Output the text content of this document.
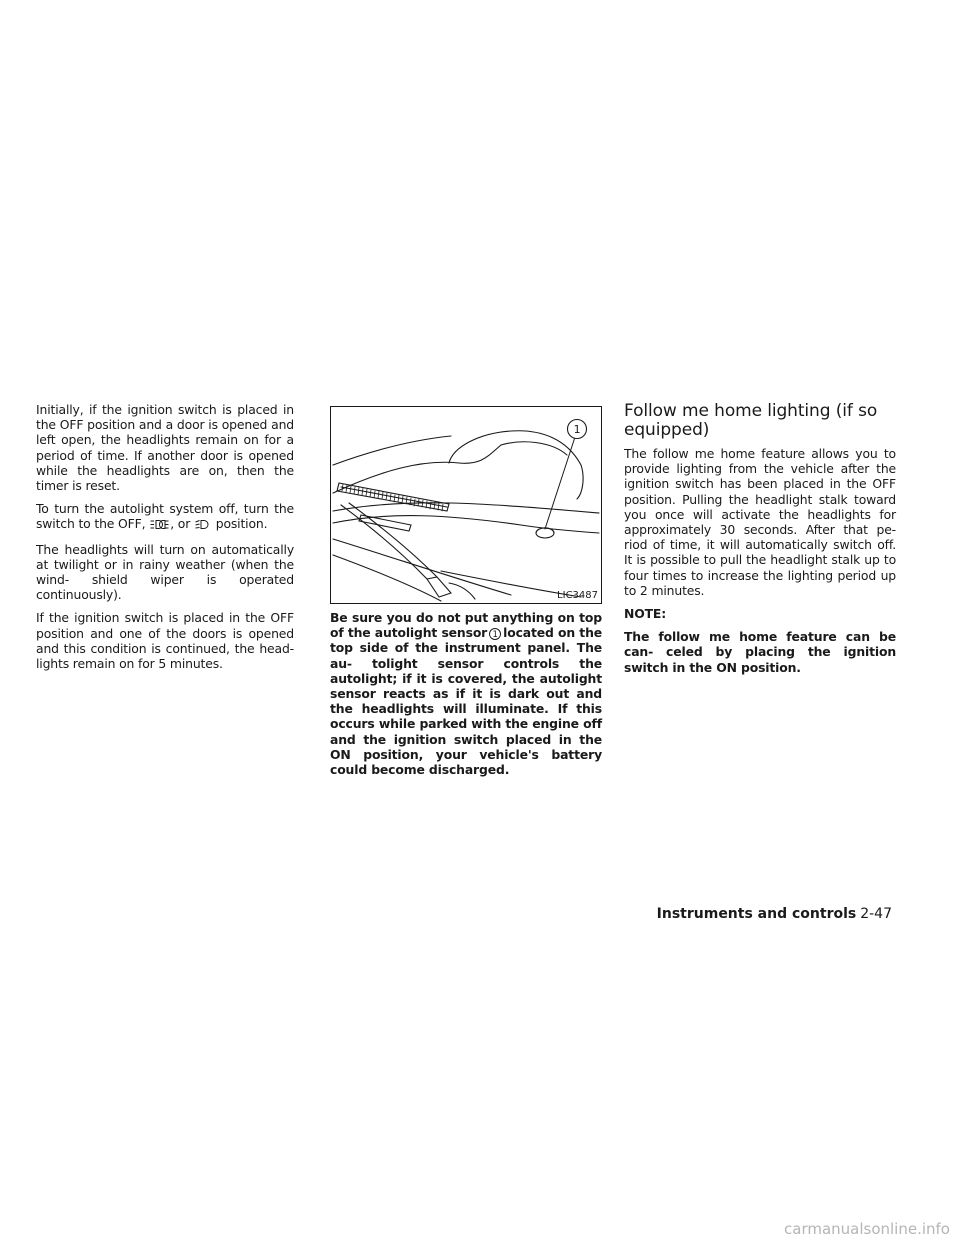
Initially, if the ignition switch is placed in the OFF position and a door is opened and left open, the headlights remain on for a period of time. If another door is opened while the headlights are on, then the timer is reset.

To turn the autolight system off, turn the switch to the OFF, , or position.

The headlights will turn on automatically at twilight or in rainy weather (when the wind- shield wiper is operated continuously).

If the ignition switch is placed in the OFF position and one of the doors is opened and this condition is continued, the head- lights remain on for 5 minutes.

1
LIC3487

Be sure you do not put anything on top of the autolight sensor 1 located on the top side of the instrument panel. The au- tolight sensor controls the autolight; if it is covered, the autolight sensor reacts as if it is dark out and the headlights will illuminate. If this occurs while parked with the engine off and the ignition switch placed in the ON position, your vehicle's battery could become discharged.

Follow me home lighting (if so equipped)

The follow me home feature allows you to provide lighting from the vehicle after the ignition switch has been placed in the OFF position. Pulling the headlight stalk toward you once will activate the headlights for approximately 30 seconds. After that pe- riod of time, it will automatically switch off. It is possible to pull the headlight stalk up to four times to increase the lighting period up to 2 minutes.

NOTE:

The follow me home feature can be can- celed by placing the ignition switch in the ON position.

Instruments and controls 2-47
carmanualsonline.info
